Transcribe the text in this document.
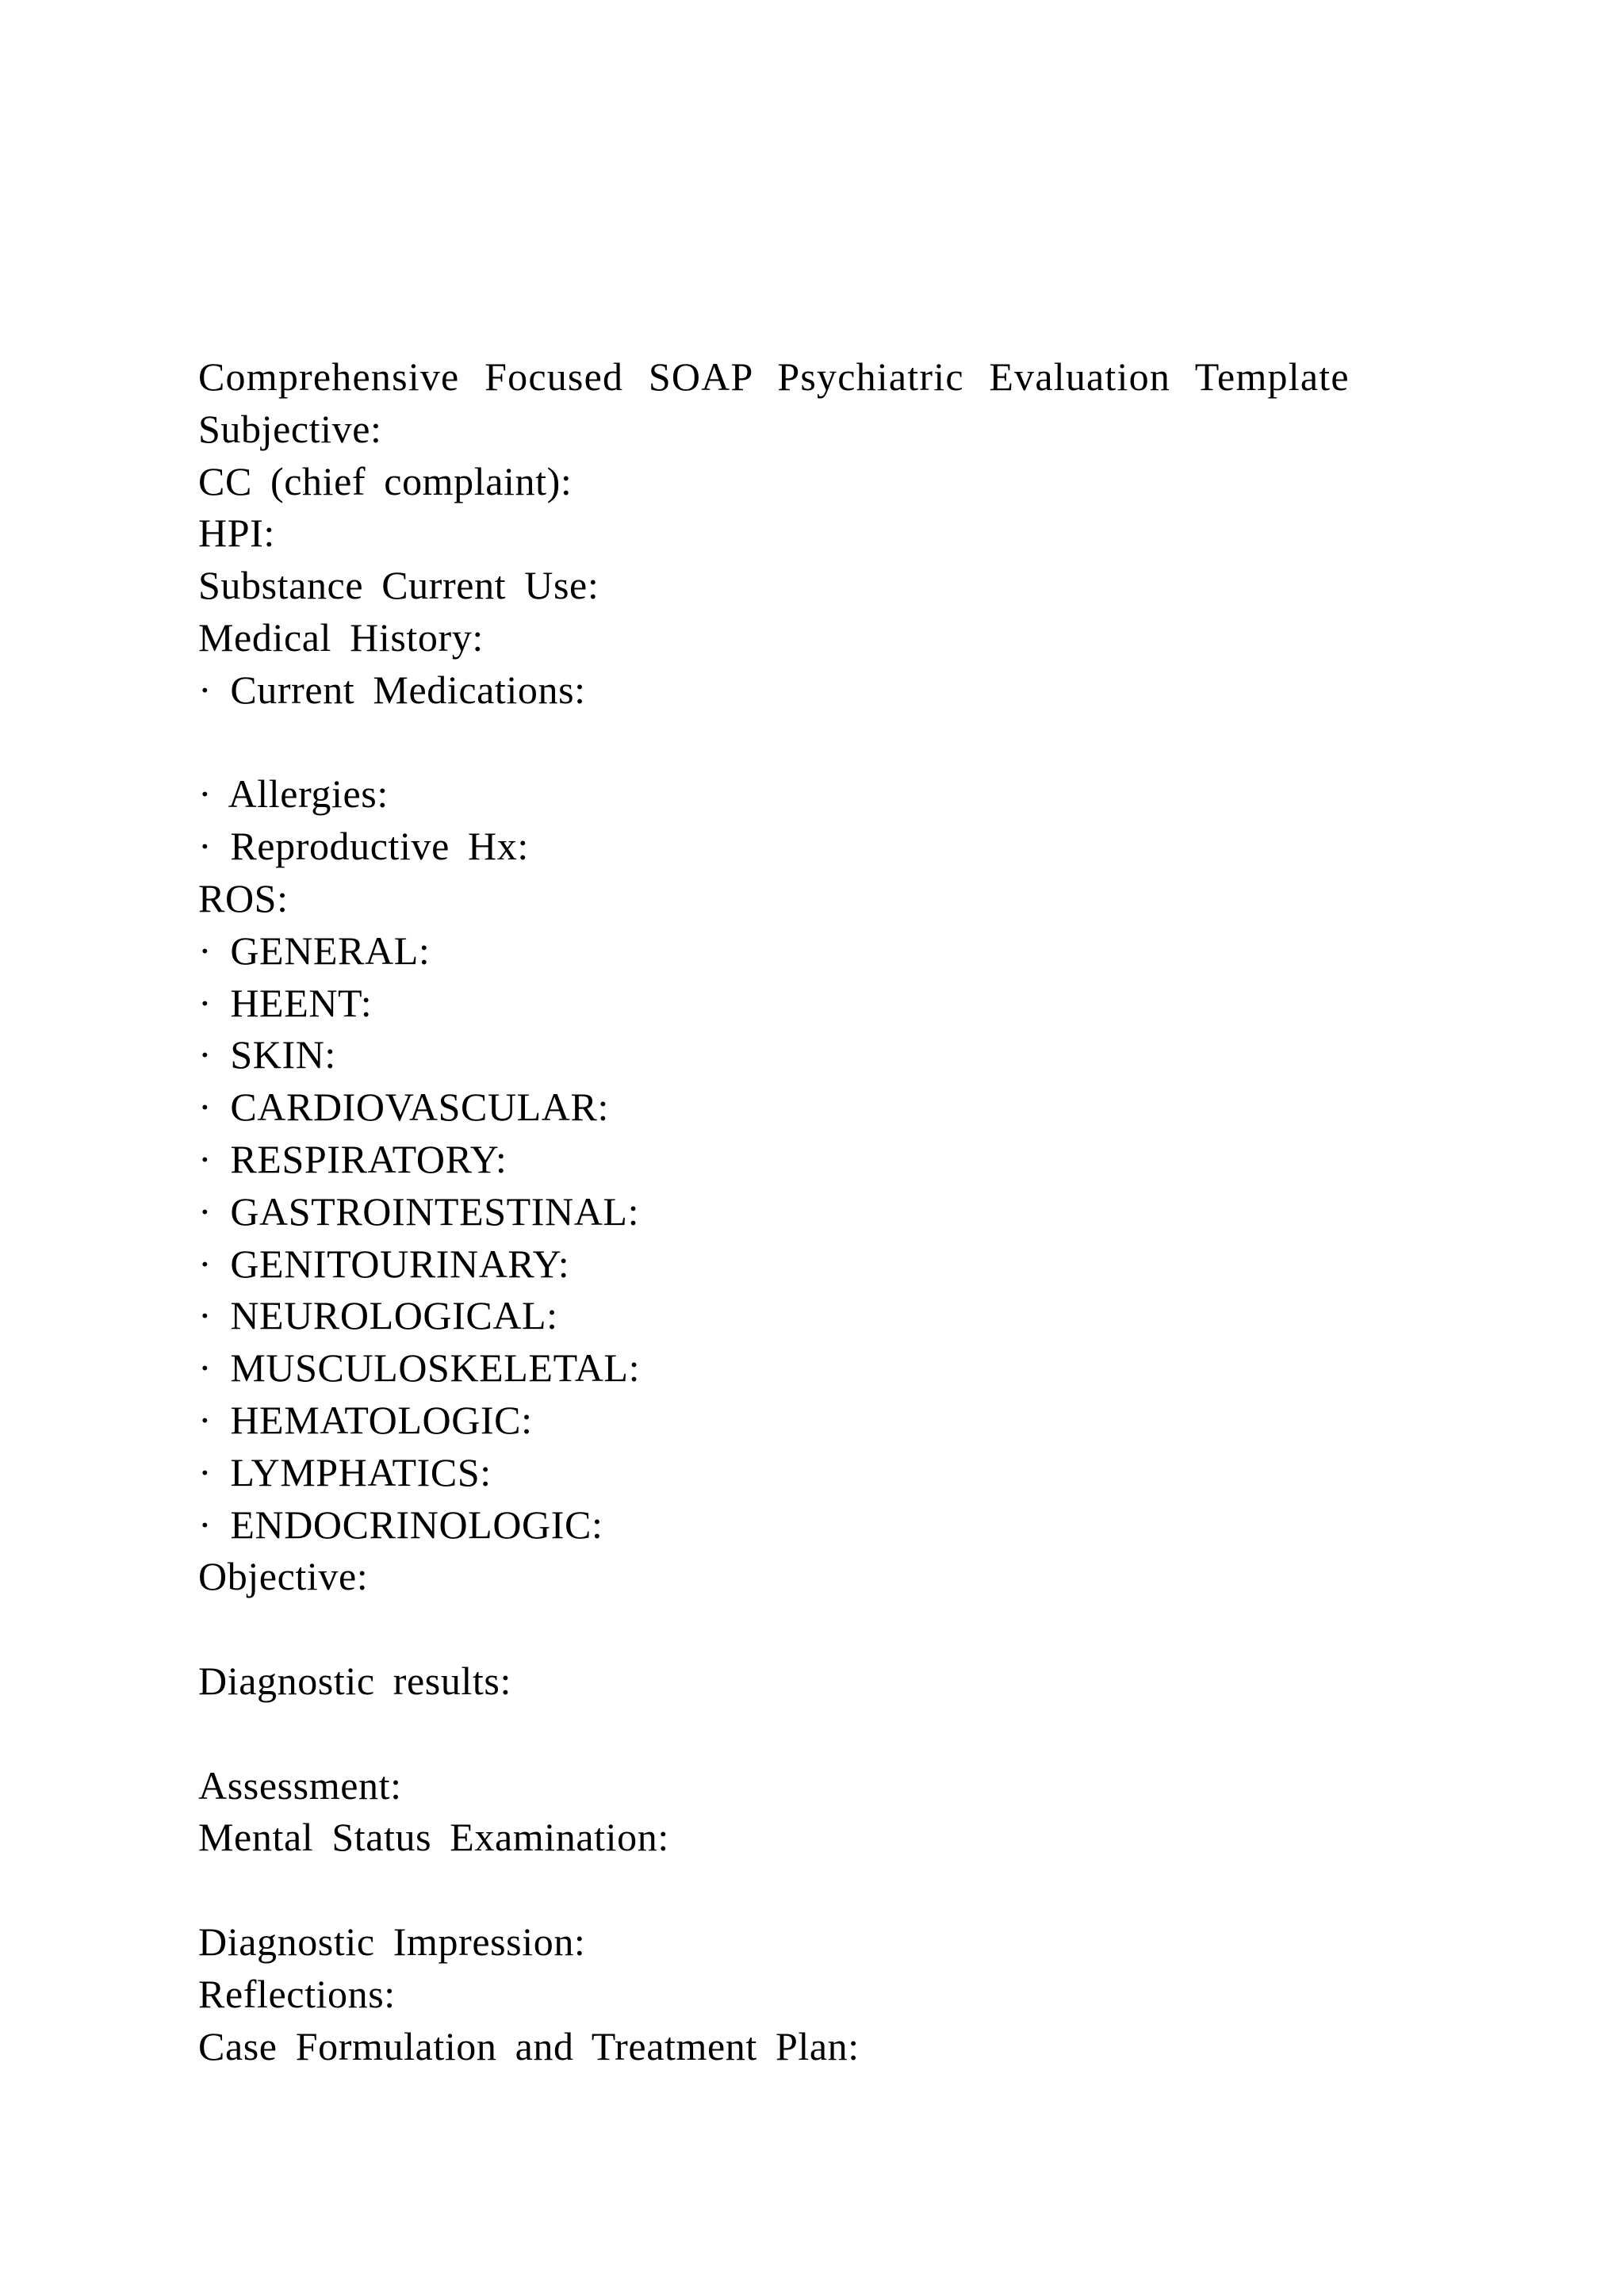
Comprehensive Focused SOAP Psychiatric Evaluation Template
Subjective:
CC (chief complaint):
HPI:
Substance Current Use:
Medical History:
· Current Medications:
· Allergies:
· Reproductive Hx:
ROS:
· GENERAL:
· HEENT:
· SKIN:
· CARDIOVASCULAR:
· RESPIRATORY:
· GASTROINTESTINAL:
· GENITOURINARY:
· NEUROLOGICAL:
· MUSCULOSKELETAL:
· HEMATOLOGIC:
· LYMPHATICS:
· ENDOCRINOLOGIC:
Objective:
Diagnostic results:
Assessment:
Mental Status Examination:
Diagnostic Impression:
Reflections:
Case Formulation and Treatment Plan:
